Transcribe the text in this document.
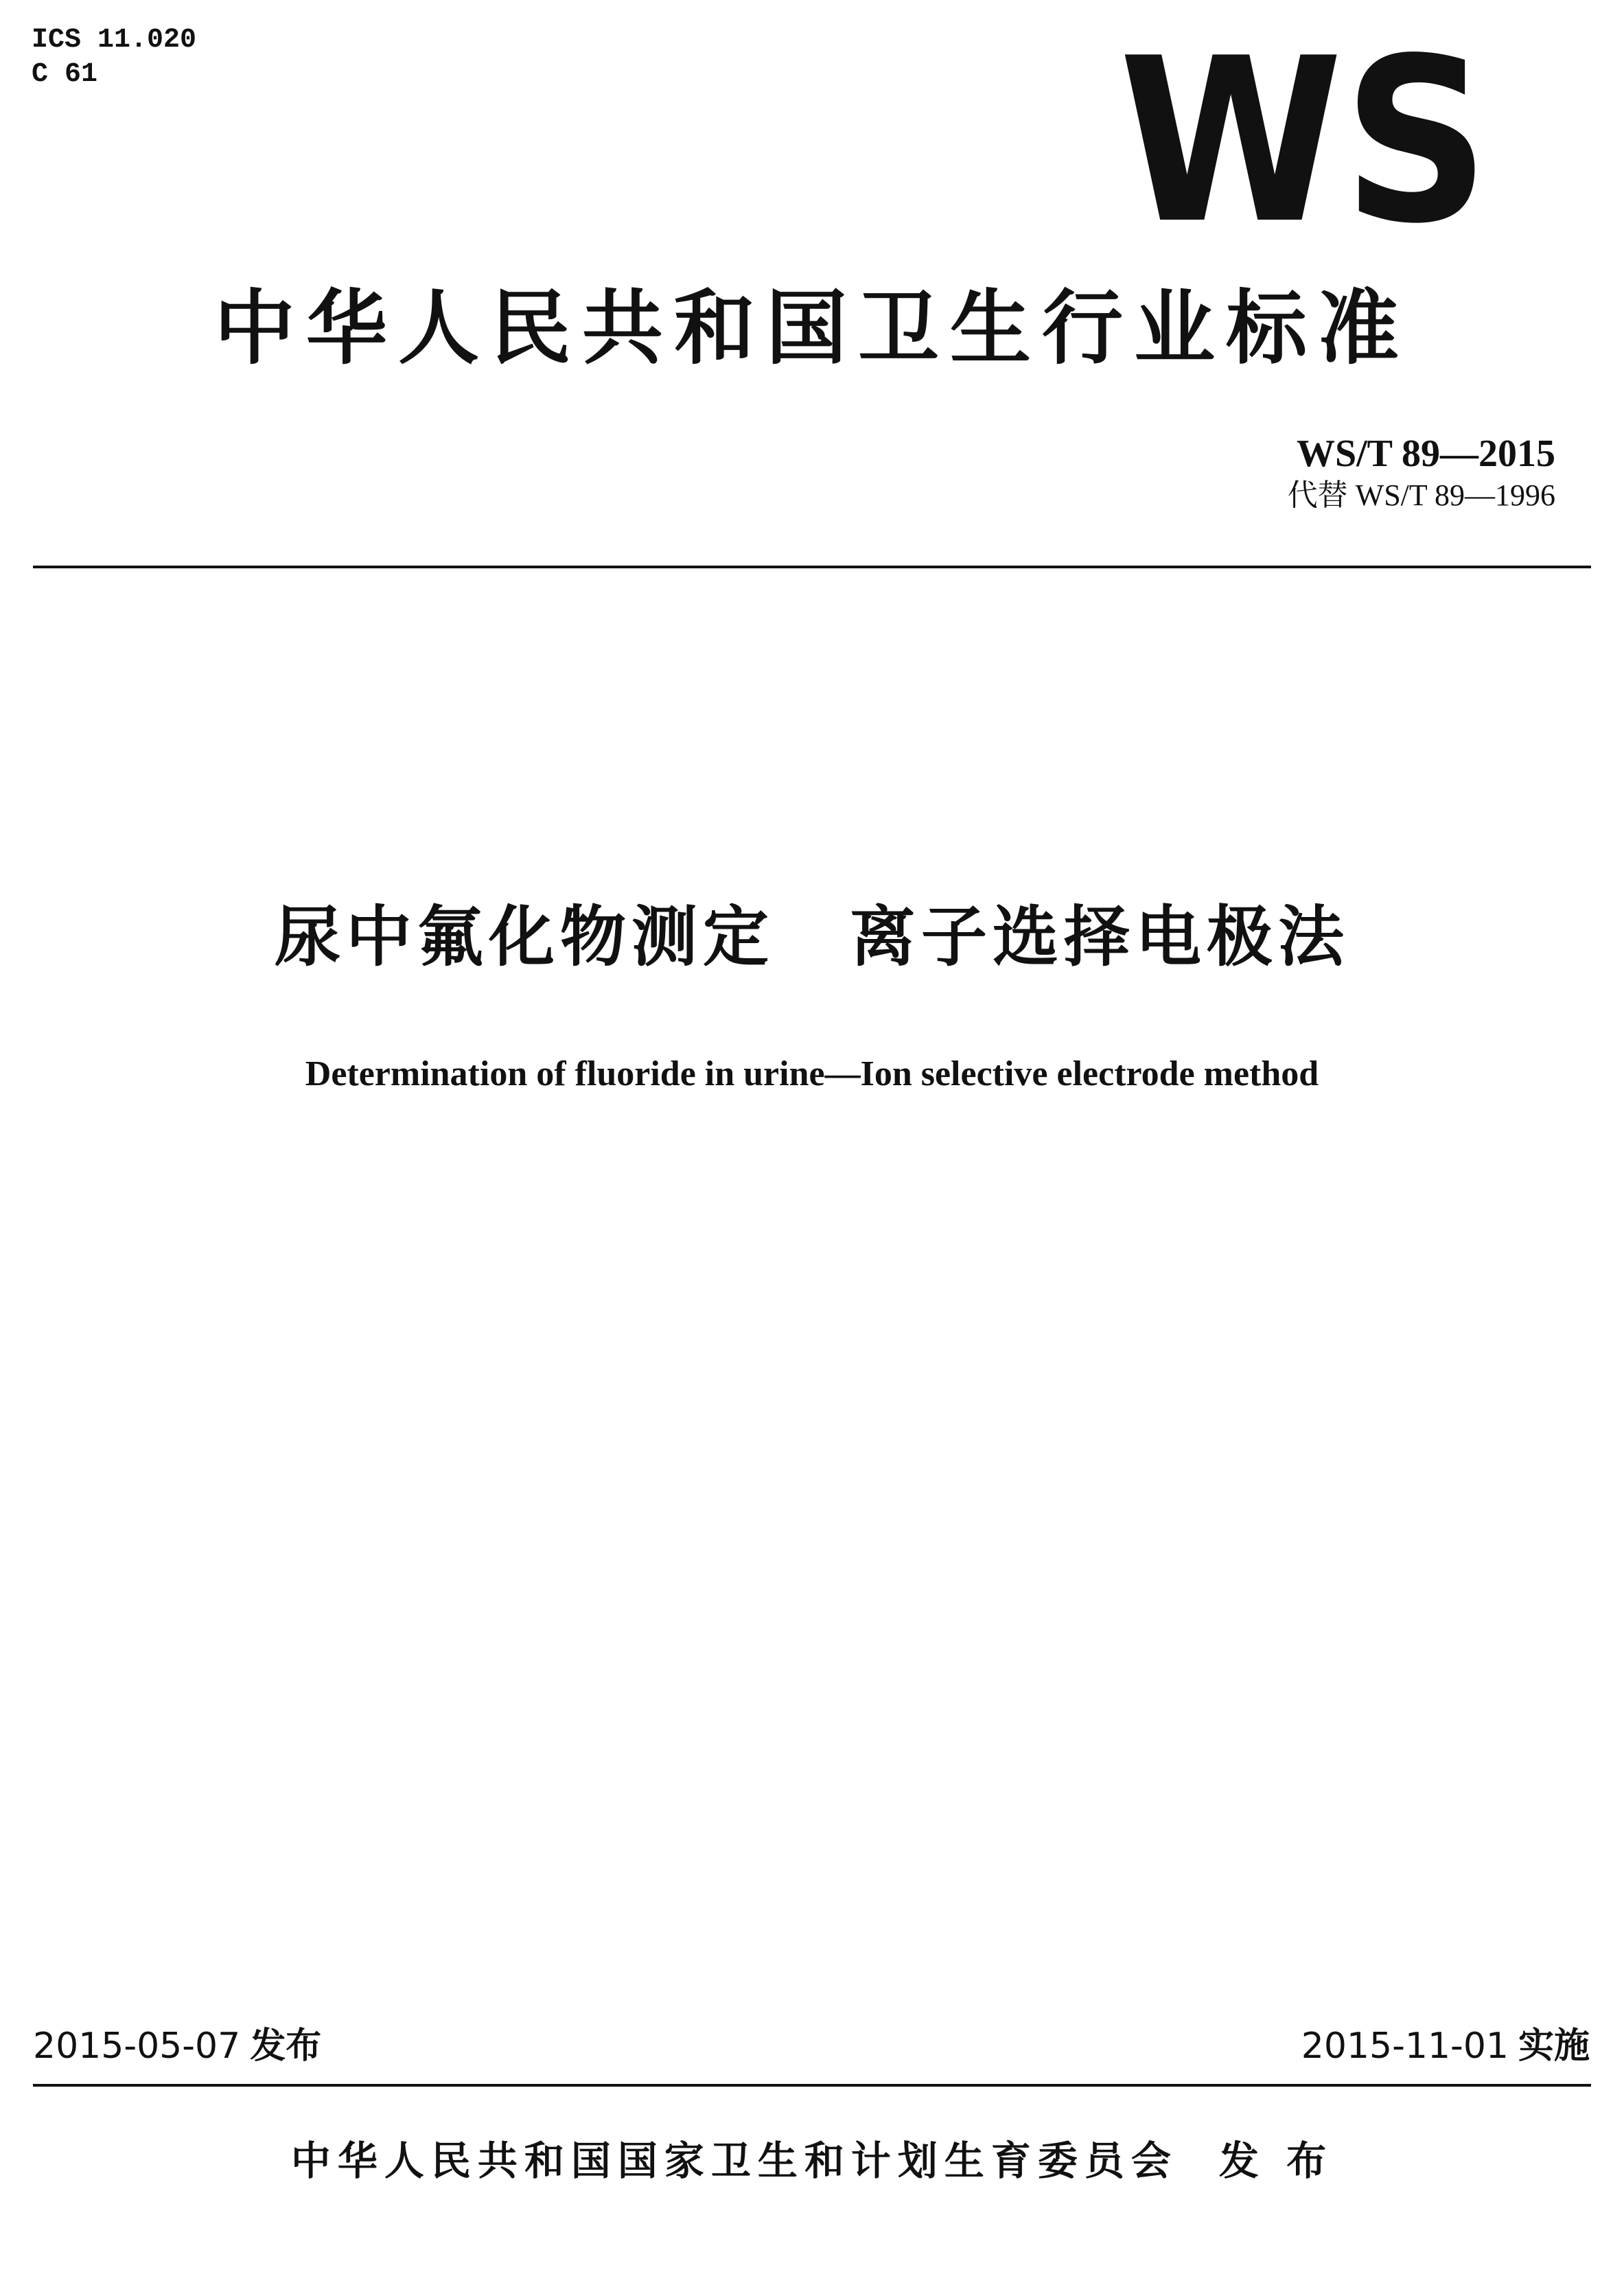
ICS 11.020
C 61	WS
中华人民共和国卫生行业标准
WS/T 89—2015
代替 WS/T 89—1996
尿中氟化物测定 离子选择电极法
Determination of fluoride in urine—Ion selective electrode method
2015-05-07 发布	2015-11-01 实施
中华人民共和国国家卫生和计划生育委员会 发 布
